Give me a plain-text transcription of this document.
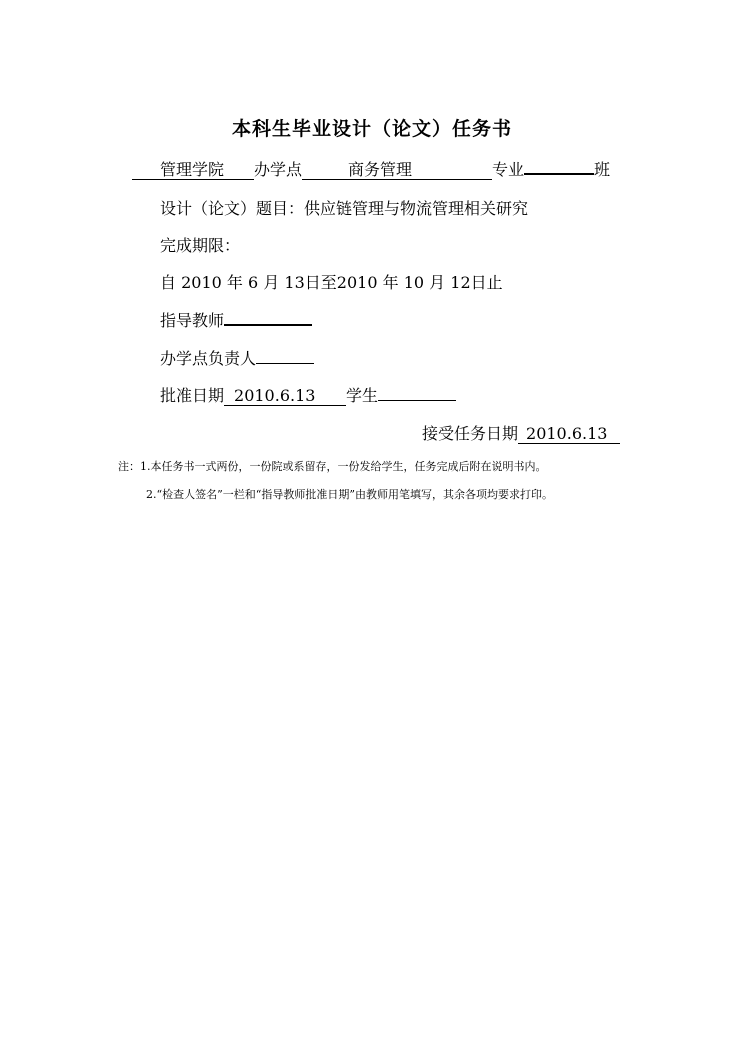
本科生毕业设计（论文）任务书
管理学院 办学点	商务管理	专业	班
设计（论文）题目：供应链管理与物流管理相关研究
完成期限：
自 2010 年 6 月 13日至2010 年 10 月 12日止
指导教师
办学点负责人
批准日期 2010.6.13 学生
接受任务日期 2010.6.13
注：1.本任务书一式两份，一份院或系留存，一份发给学生，任务完成后附在说明书内。
2.“检查人签名”一栏和“指导教师批准日期”由教师用笔填写，其余各项均要求打印。
